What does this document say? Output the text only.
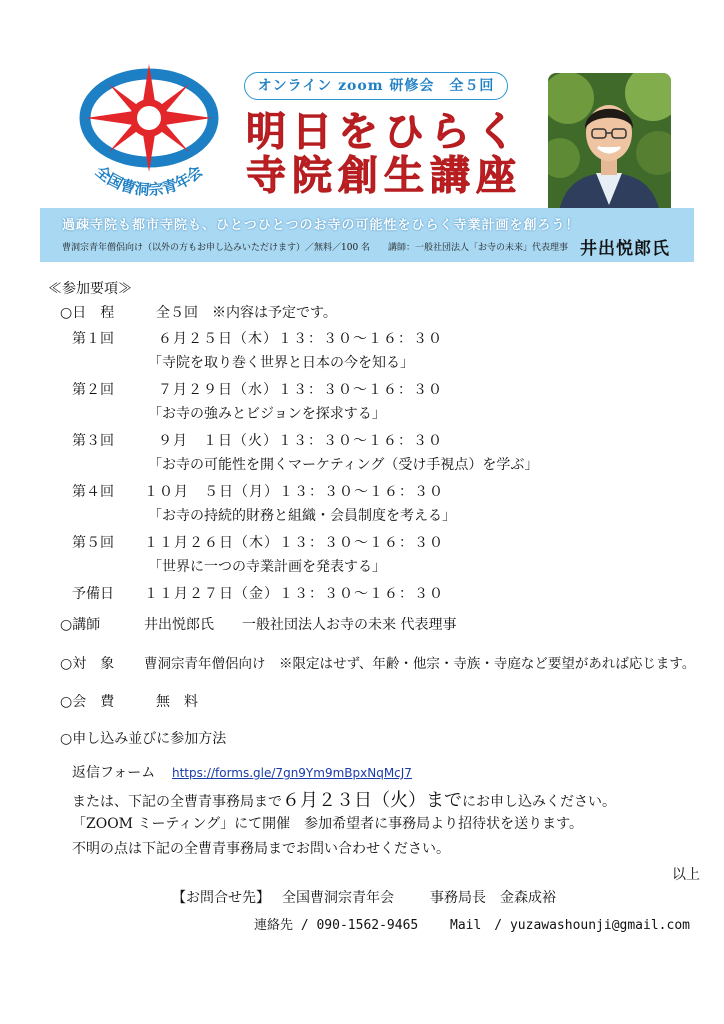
全国曹洞宗青年会
オンライン zoom 研修会　全５回
明日をひらく
寺院創生講座
過疎寺院も都市寺院も、ひとつひとつのお寺の可能性をひらく寺業計画を創ろう！
曹洞宗青年僧侶向け（以外の方もお申し込みいただけます）／無料／100 名　　講師：一般社団法人「お寺の未来」代表理事 井出悦郎氏
≪参加要項≫
○日　程	全５回　※内容は予定です。
第１回	６月２５日（木）１３：３０～１６：３０
「寺院を取り巻く世界と日本の今を知る」
第２回	７月２９日（水）１３：３０～１６：３０
「お寺の強みとビジョンを探求する」
第３回	９月　１日（火）１３：３０～１６：３０
「お寺の可能性を開くマーケティング（受け手視点）を学ぶ」
第４回 １０月　５日（月）１３：３０～１６：３０
「お寺の持続的財務と組織・会員制度を考える」
第５回 １１月２６日（木）１３：３０～１６：３０
「世界に一つの寺業計画を発表する」
予備日 １１月２７日（金）１３：３０～１６：３０
○講師	井出悦郎氏 一般社団法人お寺の未来 代表理事
○対　象 曹洞宗青年僧侶向け　※限定はせず、年齢・他宗・寺族・寺庭など要望があれば応じます。
○会　費	無　料
○申し込み並びに参加方法
返信フォーム https://forms.gle/7gn9Ym9mBpxNqMcJ7
または、下記の全曹青事務局まで６月２３日（火）までにお申し込みください。
「ZOOM ミーティング」にて開催　参加希望者に事務局より招待状を送ります。
不明の点は下記の全曹青事務局までお問い合わせください。
以上
【お問合せ先】 全国曹洞宗青年会	事務局長　金森成裕
連絡先 / 090-1562-9465 Mail　/ yuzawashounji@gmail.com
